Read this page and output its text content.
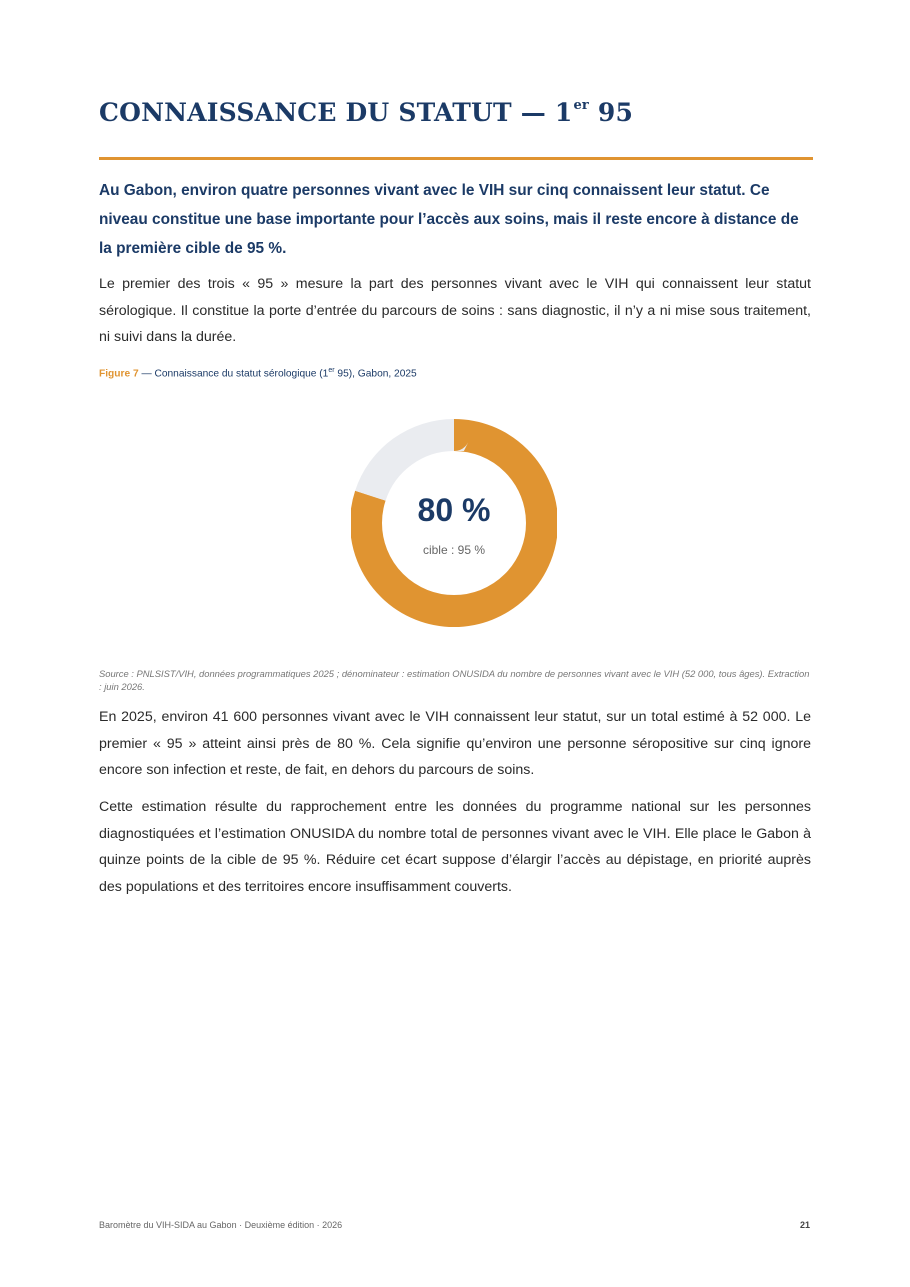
CONNAISSANCE DU STATUT — 1er 95

Au Gabon, environ quatre personnes vivant avec le VIH sur cinq connaissent leur statut. Ce niveau constitue une base importante pour l’accès aux soins, mais il reste encore à distance de la première cible de 95 %.

Le premier des trois « 95 » mesure la part des personnes vivant avec le VIH qui connaissent leur statut sérologique. Il constitue la porte d’entrée du parcours de soins : sans diagnostic, il n’y a ni mise sous traitement, ni suivi dans la durée.

Figure 7 — Connaissance du statut sérologique (1er 95), Gabon, 2025
80 %
cible : 95 %

Source : PNLSIST/VIH, données programmatiques 2025 ; dénominateur : estimation ONUSIDA du nombre de personnes vivant avec le VIH (52 000, tous âges). Extraction : juin 2026.

En 2025, environ 41 600 personnes vivant avec le VIH connaissent leur statut, sur un total estimé à 52 000. Le premier « 95 » atteint ainsi près de 80 %. Cela signifie qu’environ une personne séropositive sur cinq ignore encore son infection et reste, de fait, en dehors du parcours de soins.

Cette estimation résulte du rapprochement entre les données du programme national sur les personnes diagnostiquées et l’estimation ONUSIDA du nombre total de personnes vivant avec le VIH. Elle place le Gabon à quinze points de la cible de 95 %. Réduire cet écart suppose d’élargir l’accès au dépistage, en priorité auprès des populations et des territoires encore insuffisamment couverts.

Baromètre du VIH-SIDA au Gabon · Deuxième édition · 2026	21
